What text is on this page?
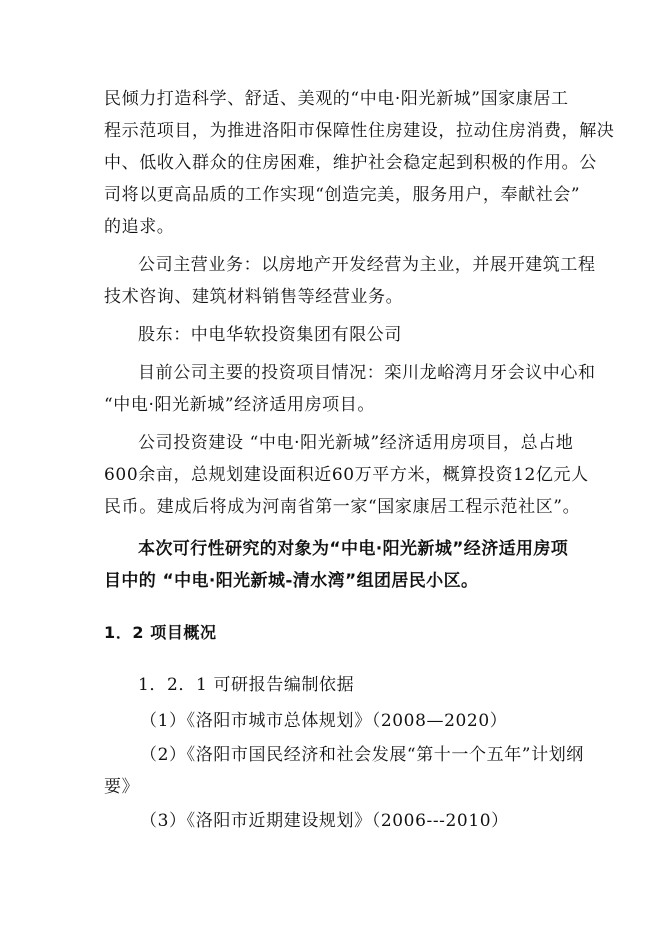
民倾力打造科学、舒适、美观的“中电·阳光新城”国家康居工
程示范项目，为推进洛阳市保障性住房建设，拉动住房消费，解决
中、低收入群众的住房困难，维护社会稳定起到积极的作用。公
司将以更高品质的工作实现“创造完美，服务用户，奉献社会”
的追求。
公司主营业务：以房地产开发经营为主业，并展开建筑工程
技术咨询、建筑材料销售等经营业务。
股东：中电华软投资集团有限公司
目前公司主要的投资项目情况：栾川龙峪湾月牙会议中心和
“中电·阳光新城”经济适用房项目。
公司投资建设 “中电·阳光新城”经济适用房项目，总占地
600余亩，总规划建设面积近60万平方米，概算投资12亿元人
民币。建成后将成为河南省第一家“国家康居工程示范社区”。
本次可行性研究的对象为“中电·阳光新城”经济适用房项
目中的 “中电·阳光新城-清水湾”组团居民小区。
1．2 项目概况
1．2．1 可研报告编制依据
（1）《洛阳市城市总体规划》（2008—2020）
（2）《洛阳市国民经济和社会发展“第十一个五年”计划纲
要》
（3）《洛阳市近期建设规划》（2006---2010）
